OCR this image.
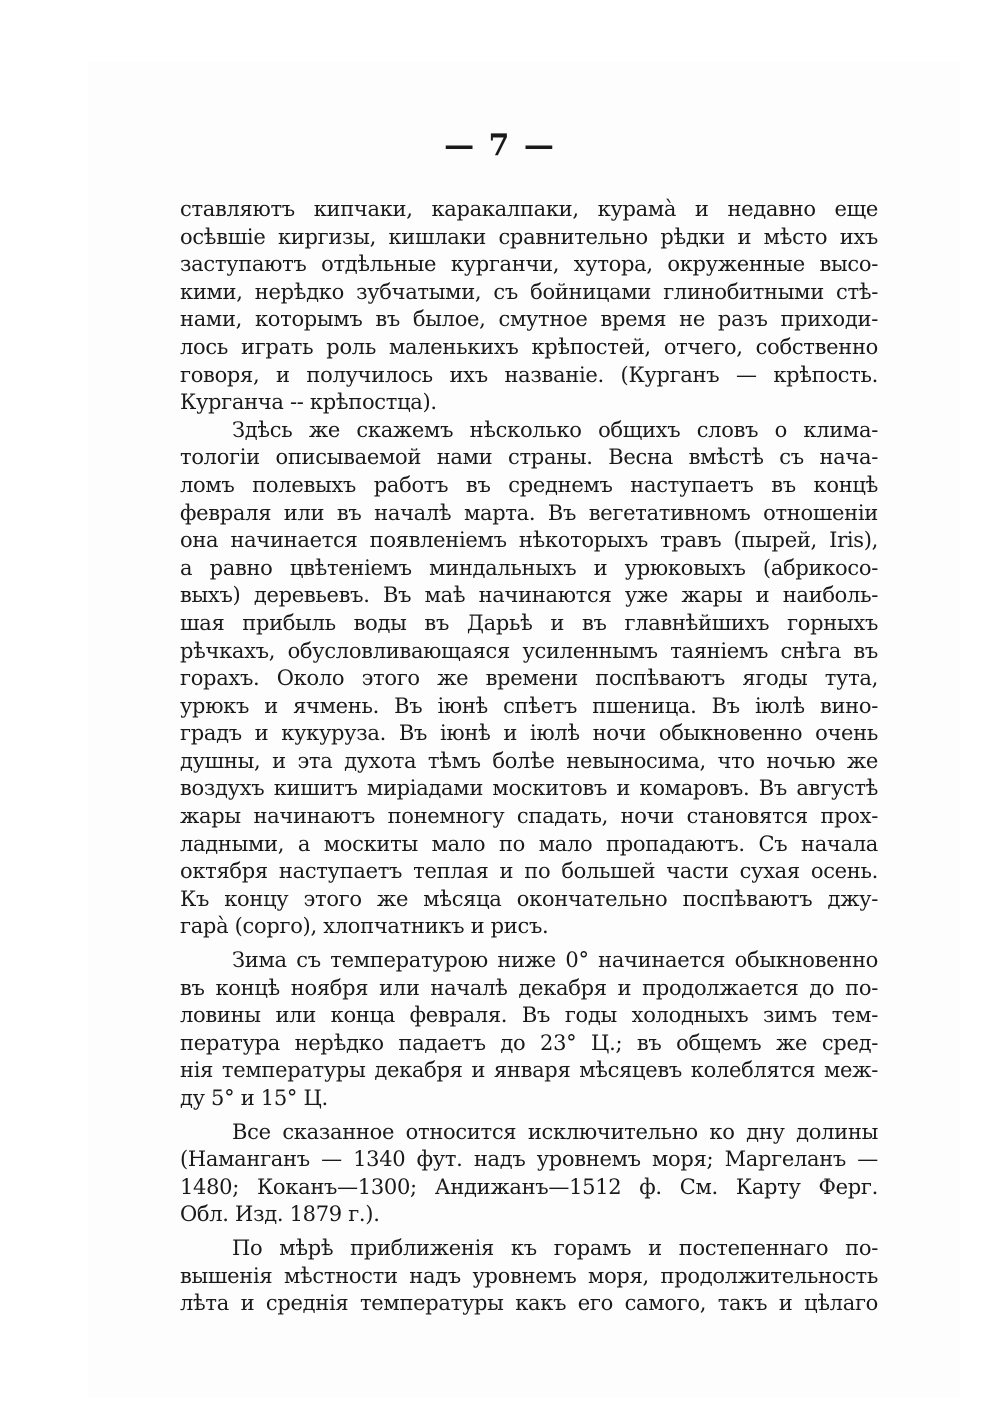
— 7 —
ставляютъ кипчаки, каракалпаки, курамà и недавно еще
осѣвшіе киргизы, кишлаки сравнительно рѣдки и мѣсто ихъ
заступаютъ отдѣльные курганчи, хутора, окруженные высо-
кими, нерѣдко зубчатыми, съ бойницами глинобитными стѣ-
нами, которымъ въ былое, смутное время не разъ приходи-
лось играть роль маленькихъ крѣпостей, отчего, собственно
говоря, и получилось ихъ названіе. (Курганъ — крѣпость.
Курганча -- крѣпостца).
Здѣсь же скажемъ нѣсколько общихъ словъ о клима-
тологіи описываемой нами страны. Весна вмѣстѣ съ нача-
ломъ полевыхъ работъ въ среднемъ наступаетъ въ концѣ
февраля или въ началѣ марта. Въ вегетативномъ отношеніи
она начинается появленіемъ нѣкоторыхъ травъ (пырей, Iris),
а равно цвѣтеніемъ миндальныхъ и урюковыхъ (абрикосо-
выхъ) деревьевъ. Въ маѣ начинаются уже жары и наиболь-
шая прибыль воды въ Дарьѣ и въ главнѣйшихъ горныхъ
рѣчкахъ, обусловливающаяся усиленнымъ таяніемъ снѣга въ
горахъ. Около этого же времени поспѣваютъ ягоды тута,
урюкъ и ячмень. Въ іюнѣ спѣетъ пшеница. Въ іюлѣ вино-
градъ и кукуруза. Въ іюнѣ и іюлѣ ночи обыкновенно очень
душны, и эта духота тѣмъ болѣе невыносима, что ночью же
воздухъ кишитъ миріадами москитовъ и комаровъ. Въ августѣ
жары начинаютъ понемногу спадать, ночи становятся прох-
ладными, а москиты мало по мало пропадаютъ. Съ начала
октября наступаетъ теплая и по большей части сухая осень.
Къ концу этого же мѣсяца окончательно поспѣваютъ джу-
гарà (сорго), хлопчатникъ и рисъ.
Зима съ температурою ниже 0° начинается обыкновенно
въ концѣ ноября или началѣ декабря и продолжается до по-
ловины или конца февраля. Въ годы холодныхъ зимъ тем-
пература нерѣдко падаетъ до 23° Ц.; въ общемъ же сред-
нія температуры декабря и января мѣсяцевъ колеблятся меж-
ду 5° и 15° Ц.
Все сказанное относится исключительно ко дну долины
(Наманганъ — 1340 фут. надъ уровнемъ моря; Маргеланъ —
1480; Коканъ—1300; Андижанъ—1512 ф. См. Карту Ферг.
Обл. Изд. 1879 г.).
По мѣрѣ приближенія къ горамъ и постепеннаго по-
вышенія мѣстности надъ уровнемъ моря, продолжительность
лѣта и среднія температуры какъ его самого, такъ и цѣлаго
